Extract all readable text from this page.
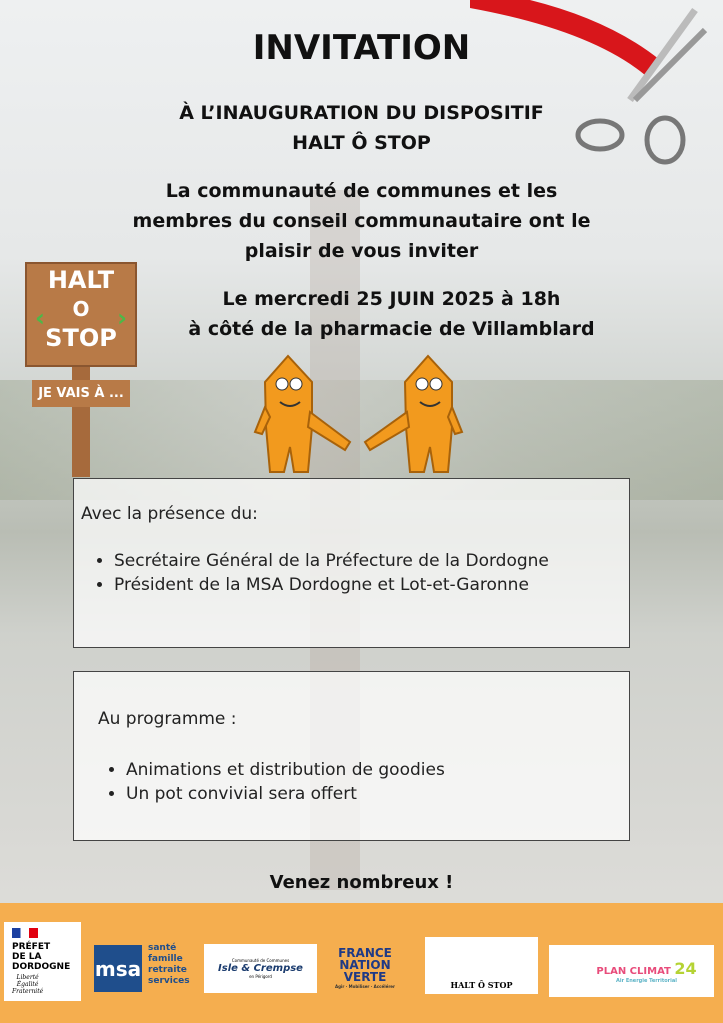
INVITATION
À L’INAUGURATION DU DISPOSITIF
HALT Ô STOP
La communauté de communes et les
membres du conseil communautaire ont le
plaisir de vous inviter
Le mercredi 25 JUIN 2025 à 18h
à côté de la pharmacie de Villamblard
HALT
O
STOP
‹	›
JE VAIS À ...
Avec la présence du:
• Secrétaire Général de la Préfecture de la Dordogne
• Président de la MSA Dordogne et Lot-et-Garonne
Au programme :
• Animations et distribution de goodies
• Un pot convivial sera offert
Venez nombreux !
PRÉFET
DE LA
DORDOGNE
Liberté
Égalité
Fraternité
msa
santé
famille
retraite
services
Communauté de Communes
Isle & Crempse
en Périgord
FRANCE
NATION
VERTE
Agir · Mobiliser · Accélérer	HALT Ô STOP
PLAN CLIMAT 24
Air Energie Territorial
